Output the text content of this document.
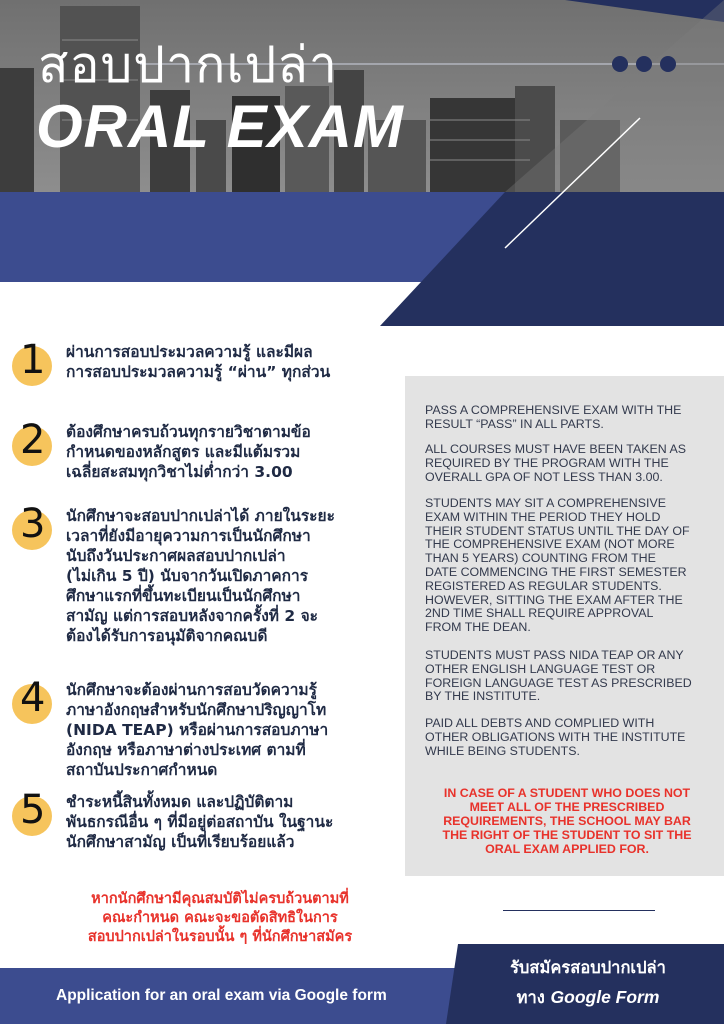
สอบปากเปล่า
ORAL EXAM
1 ผ่านการสอบประมวลความรู้ และมีผล
การสอบประมวลความรู้ “ผ่าน” ทุกส่วน
2 ต้องศึกษาครบถ้วนทุกรายวิชาตามข้อ
กำหนดของหลักสูตร และมีแต้มรวม
เฉลี่ยสะสมทุกวิชาไม่ต่ำกว่า 3.00
3 นักศึกษาจะสอบปากเปล่าได้ ภายในระยะ
เวลาที่ยังมีอายุความการเป็นนักศึกษา
นับถึงวันประกาศผลสอบปากเปล่า
(ไม่เกิน 5 ปี) นับจากวันเปิดภาคการ
ศึกษาแรกที่ขึ้นทะเบียนเป็นนักศึกษา
สามัญ แต่การสอบหลังจากครั้งที่ 2 จะ
ต้องได้รับการอนุมัติจากคณบดี
4 นักศึกษาจะต้องผ่านการสอบวัดความรู้
ภาษาอังกฤษสำหรับนักศึกษาปริญญาโท
(NIDA TEAP) หรือผ่านการสอบภาษา
อังกฤษ หรือภาษาต่างประเทศ ตามที่
สถาบันประกาศกำหนด
5 ชำระหนี้สินทั้งหมด และปฏิบัติตาม
พันธกรณีอื่น ๆ ที่มีอยู่ต่อสถาบัน ในฐานะ
นักศึกษาสามัญ เป็นที่เรียบร้อยแล้ว
หากนักศึกษามีคุณสมบัติไม่ครบถ้วนตามที่
คณะกำหนด คณะจะขอตัดสิทธิในการ
สอบปากเปล่าในรอบนั้น ๆ ที่นักศึกษาสมัคร
PASS A COMPREHENSIVE EXAM WITH THE
RESULT “PASS” IN ALL PARTS.
ALL COURSES MUST HAVE BEEN TAKEN AS
REQUIRED BY THE PROGRAM WITH THE
OVERALL GPA OF NOT LESS THAN 3.00.
STUDENTS MAY SIT A COMPREHENSIVE
EXAM WITHIN THE PERIOD THEY HOLD
THEIR STUDENT STATUS UNTIL THE DAY OF
THE COMPREHENSIVE EXAM (NOT MORE
THAN 5 YEARS) COUNTING FROM THE
DATE COMMENCING THE FIRST SEMESTER
REGISTERED AS REGULAR STUDENTS.
HOWEVER, SITTING THE EXAM AFTER THE
2ND TIME SHALL REQUIRE APPROVAL
FROM THE DEAN.
STUDENTS MUST PASS NIDA TEAP OR ANY
OTHER ENGLISH LANGUAGE TEST OR
FOREIGN LANGUAGE TEST AS PRESCRIBED
BY THE INSTITUTE.
PAID ALL DEBTS AND COMPLIED WITH
OTHER OBLIGATIONS WITH THE INSTITUTE
WHILE BEING STUDENTS.
IN CASE OF A STUDENT WHO DOES NOT
MEET ALL OF THE PRESCRIBED
REQUIREMENTS, THE SCHOOL MAY BAR
THE RIGHT OF THE STUDENT TO SIT THE
ORAL EXAM APPLIED FOR.
Application for an oral exam via Google form
รับสมัครสอบปากเปล่า
ทาง Google Form
